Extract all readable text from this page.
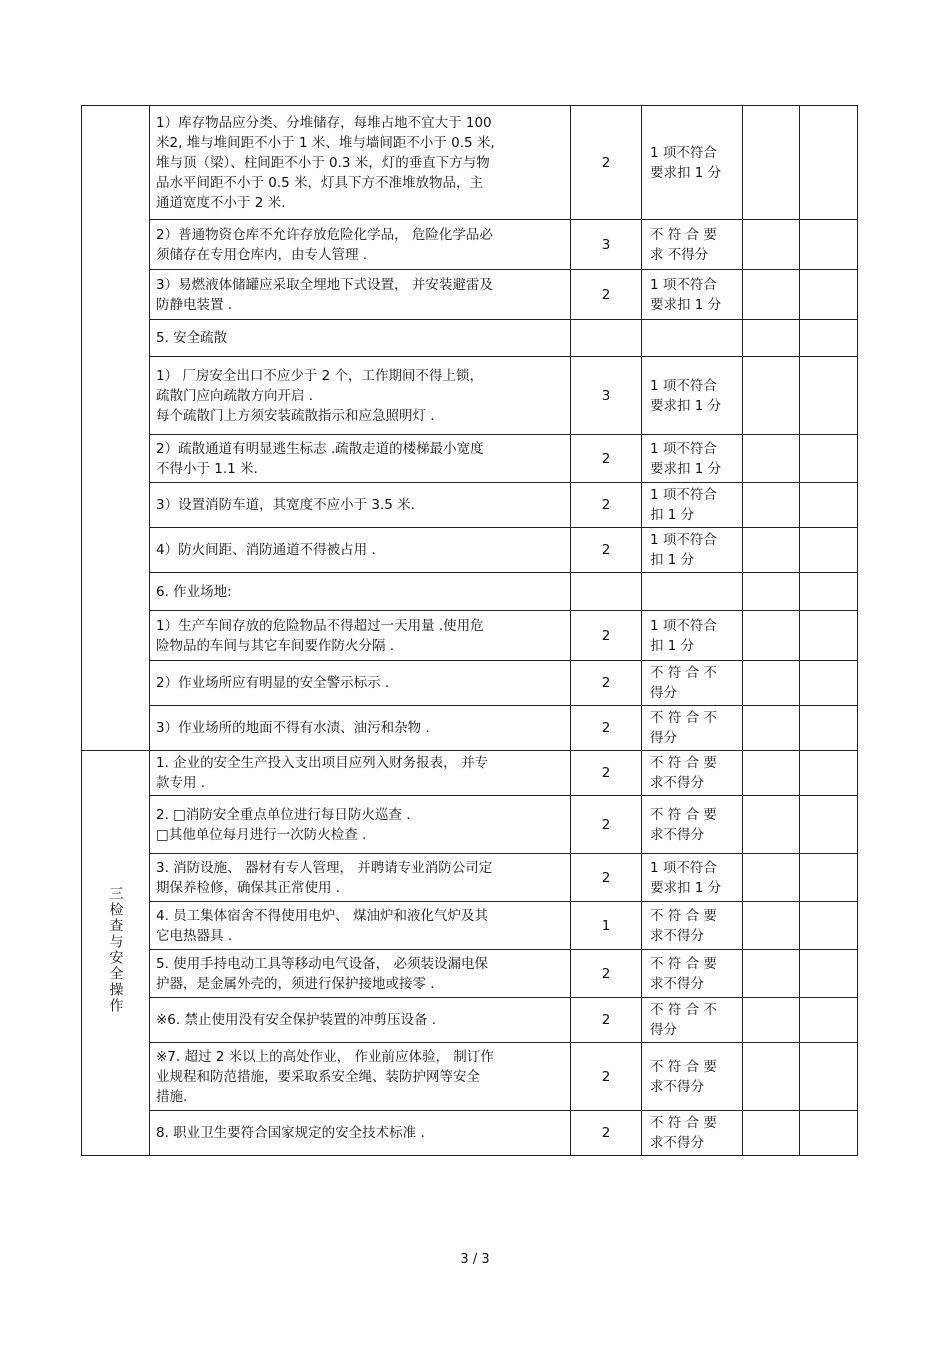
	1）库存物品应分类、分堆储存，每堆占地不宜大于 100
米2, 堆与堆间距不小于 1 米、堆与墙间距不小于 0.5 米,
堆与顶（梁）、柱间距不小于 0.3 米，灯的垂直下方与物
品水平间距不小于 0.5 米，灯具下方不准堆放物品，主
通道宽度不小于 2 米.	2	1 项不符合
要求扣 1 分		
	2）普通物资仓库不允许存放危险化学品， 危险化学品必
须储存在专用仓库内，由专人管理 .	3	不 符 合 要
求 不得分		
	3）易燃液体储罐应采取全埋地下式设置， 并安装避雷及
防静电装置 .	2	1 项不符合
要求扣 1 分		
	5. 安全疏散				
	1） 厂房安全出口不应少于 2 个，工作期间不得上锁，
疏散门应向疏散方向开启 .
每个疏散门上方须安装疏散指示和应急照明灯 .	3	1 项不符合
要求扣 1 分		
	2）疏散通道有明显逃生标志 .疏散走道的楼梯最小宽度
不得小于 1.1 米.	2	1 项不符合
要求扣 1 分		
	3）设置消防车道，其宽度不应小于 3.5 米.	2	1 项不符合
扣 1 分		
	4）防火间距、消防通道不得被占用 .	2	1 项不符合
扣 1 分		
	6. 作业场地:				
	1）生产车间存放的危险物品不得超过一天用量 .使用危
险物品的车间与其它车间要作防火分隔 .	2	1 项不符合
扣 1 分		
	2）作业场所应有明显的安全警示标示 .	2	不 符 合 不
得分		
	3）作业场所的地面不得有水渍、油污和杂物 .	2	不 符 合 不
得分		
三检查与安全操作	1. 企业的安全生产投入支出项目应列入财务报表， 并专
款专用 .	2	不 符 合 要
求不得分		
	2. □消防安全重点单位进行每日防火巡查 .
□其他单位每月进行一次防火检查 .	2	不 符 合 要
求不得分		
	3. 消防设施、 器材有专人管理， 并聘请专业消防公司定
期保养检修，确保其正常使用 .	2	1 项不符合
要求扣 1 分		
	4. 员工集体宿舍不得使用电炉、 煤油炉和液化气炉及其
它电热器具 .	1	不 符 合 要
求不得分		
	5. 使用手持电动工具等移动电气设备， 必须装设漏电保
护器，是金属外壳的，须进行保护接地或接零 .	2	不 符 合 要
求不得分		
	※6. 禁止使用没有安全保护装置的冲剪压设备 .	2	不 符 合 不
得分		
	※7. 超过 2 米以上的高处作业， 作业前应体验， 制订作
业规程和防范措施，要采取系安全绳、装防护网等安全
措施.	2	不 符 合 要
求不得分		
	8. 职业卫生要符合国家规定的安全技术标准 .	2	不 符 合 要
求不得分		
3 / 3
